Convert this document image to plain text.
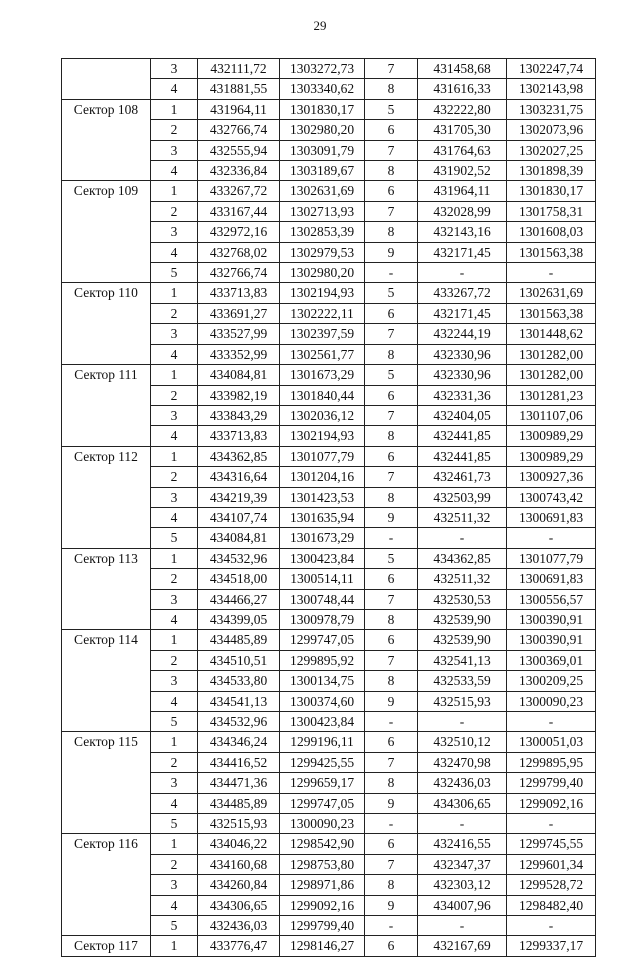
29
	3	432111,72	1303272,73	7	431458,68	1302247,74
	4	431881,55	1303340,62	8	431616,33	1302143,98
Сектор 108	1	431964,11	1301830,17	5	432222,80	1303231,75
	2	432766,74	1302980,20	6	431705,30	1302073,96
	3	432555,94	1303091,79	7	431764,63	1302027,25
	4	432336,84	1303189,67	8	431902,52	1301898,39
Сектор 109	1	433267,72	1302631,69	6	431964,11	1301830,17
	2	433167,44	1302713,93	7	432028,99	1301758,31
	3	432972,16	1302853,39	8	432143,16	1301608,03
	4	432768,02	1302979,53	9	432171,45	1301563,38
	5	432766,74	1302980,20	-	-	-
Сектор 110	1	433713,83	1302194,93	5	433267,72	1302631,69
	2	433691,27	1302222,11	6	432171,45	1301563,38
	3	433527,99	1302397,59	7	432244,19	1301448,62
	4	433352,99	1302561,77	8	432330,96	1301282,00
Сектор 111	1	434084,81	1301673,29	5	432330,96	1301282,00
	2	433982,19	1301840,44	6	432331,36	1301281,23
	3	433843,29	1302036,12	7	432404,05	1301107,06
	4	433713,83	1302194,93	8	432441,85	1300989,29
Сектор 112	1	434362,85	1301077,79	6	432441,85	1300989,29
	2	434316,64	1301204,16	7	432461,73	1300927,36
	3	434219,39	1301423,53	8	432503,99	1300743,42
	4	434107,74	1301635,94	9	432511,32	1300691,83
	5	434084,81	1301673,29	-	-	-
Сектор 113	1	434532,96	1300423,84	5	434362,85	1301077,79
	2	434518,00	1300514,11	6	432511,32	1300691,83
	3	434466,27	1300748,44	7	432530,53	1300556,57
	4	434399,05	1300978,79	8	432539,90	1300390,91
Сектор 114	1	434485,89	1299747,05	6	432539,90	1300390,91
	2	434510,51	1299895,92	7	432541,13	1300369,01
	3	434533,80	1300134,75	8	432533,59	1300209,25
	4	434541,13	1300374,60	9	432515,93	1300090,23
	5	434532,96	1300423,84	-	-	-
Сектор 115	1	434346,24	1299196,11	6	432510,12	1300051,03
	2	434416,52	1299425,55	7	432470,98	1299895,95
	3	434471,36	1299659,17	8	432436,03	1299799,40
	4	434485,89	1299747,05	9	434306,65	1299092,16
	5	432515,93	1300090,23	-	-	-
Сектор 116	1	434046,22	1298542,90	6	432416,55	1299745,55
	2	434160,68	1298753,80	7	432347,37	1299601,34
	3	434260,84	1298971,86	8	432303,12	1299528,72
	4	434306,65	1299092,16	9	434007,96	1298482,40
	5	432436,03	1299799,40	-	-	-
Сектор 117	1	433776,47	1298146,27	6	432167,69	1299337,17
